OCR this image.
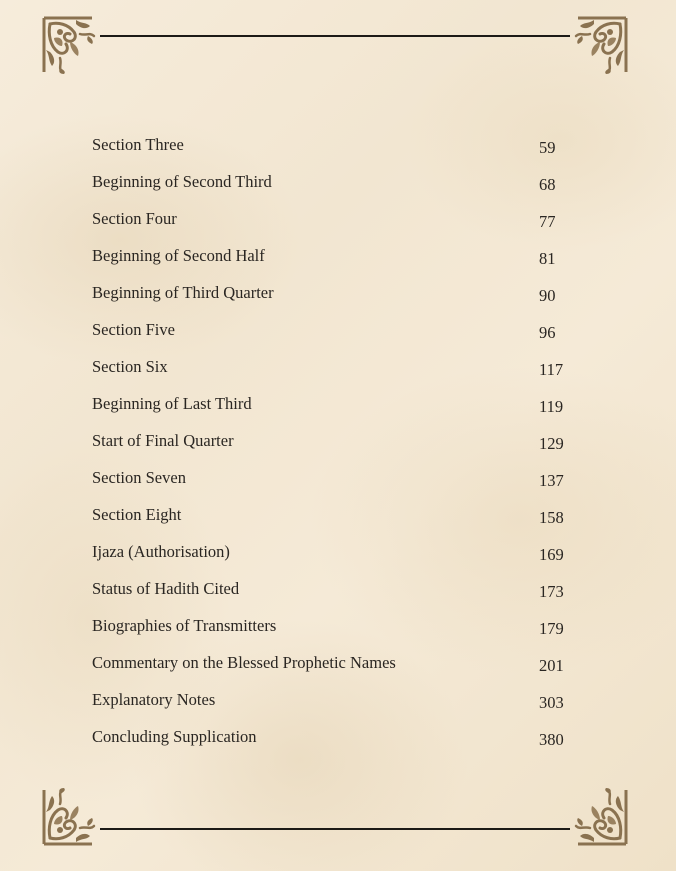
Section Three	59
Beginning of Second Third	68
Section Four	77
Beginning of Second Half	81
Beginning of Third Quarter	90
Section Five	96
Section Six	117
Beginning of Last Third	119
Start of Final Quarter	129
Section Seven	137
Section Eight	158
Ijaza (Authorisation)	169
Status of Hadith Cited	173
Biographies of Transmitters	179
Commentary on the Blessed Prophetic Names	201
Explanatory Notes	303
Concluding Supplication	380
